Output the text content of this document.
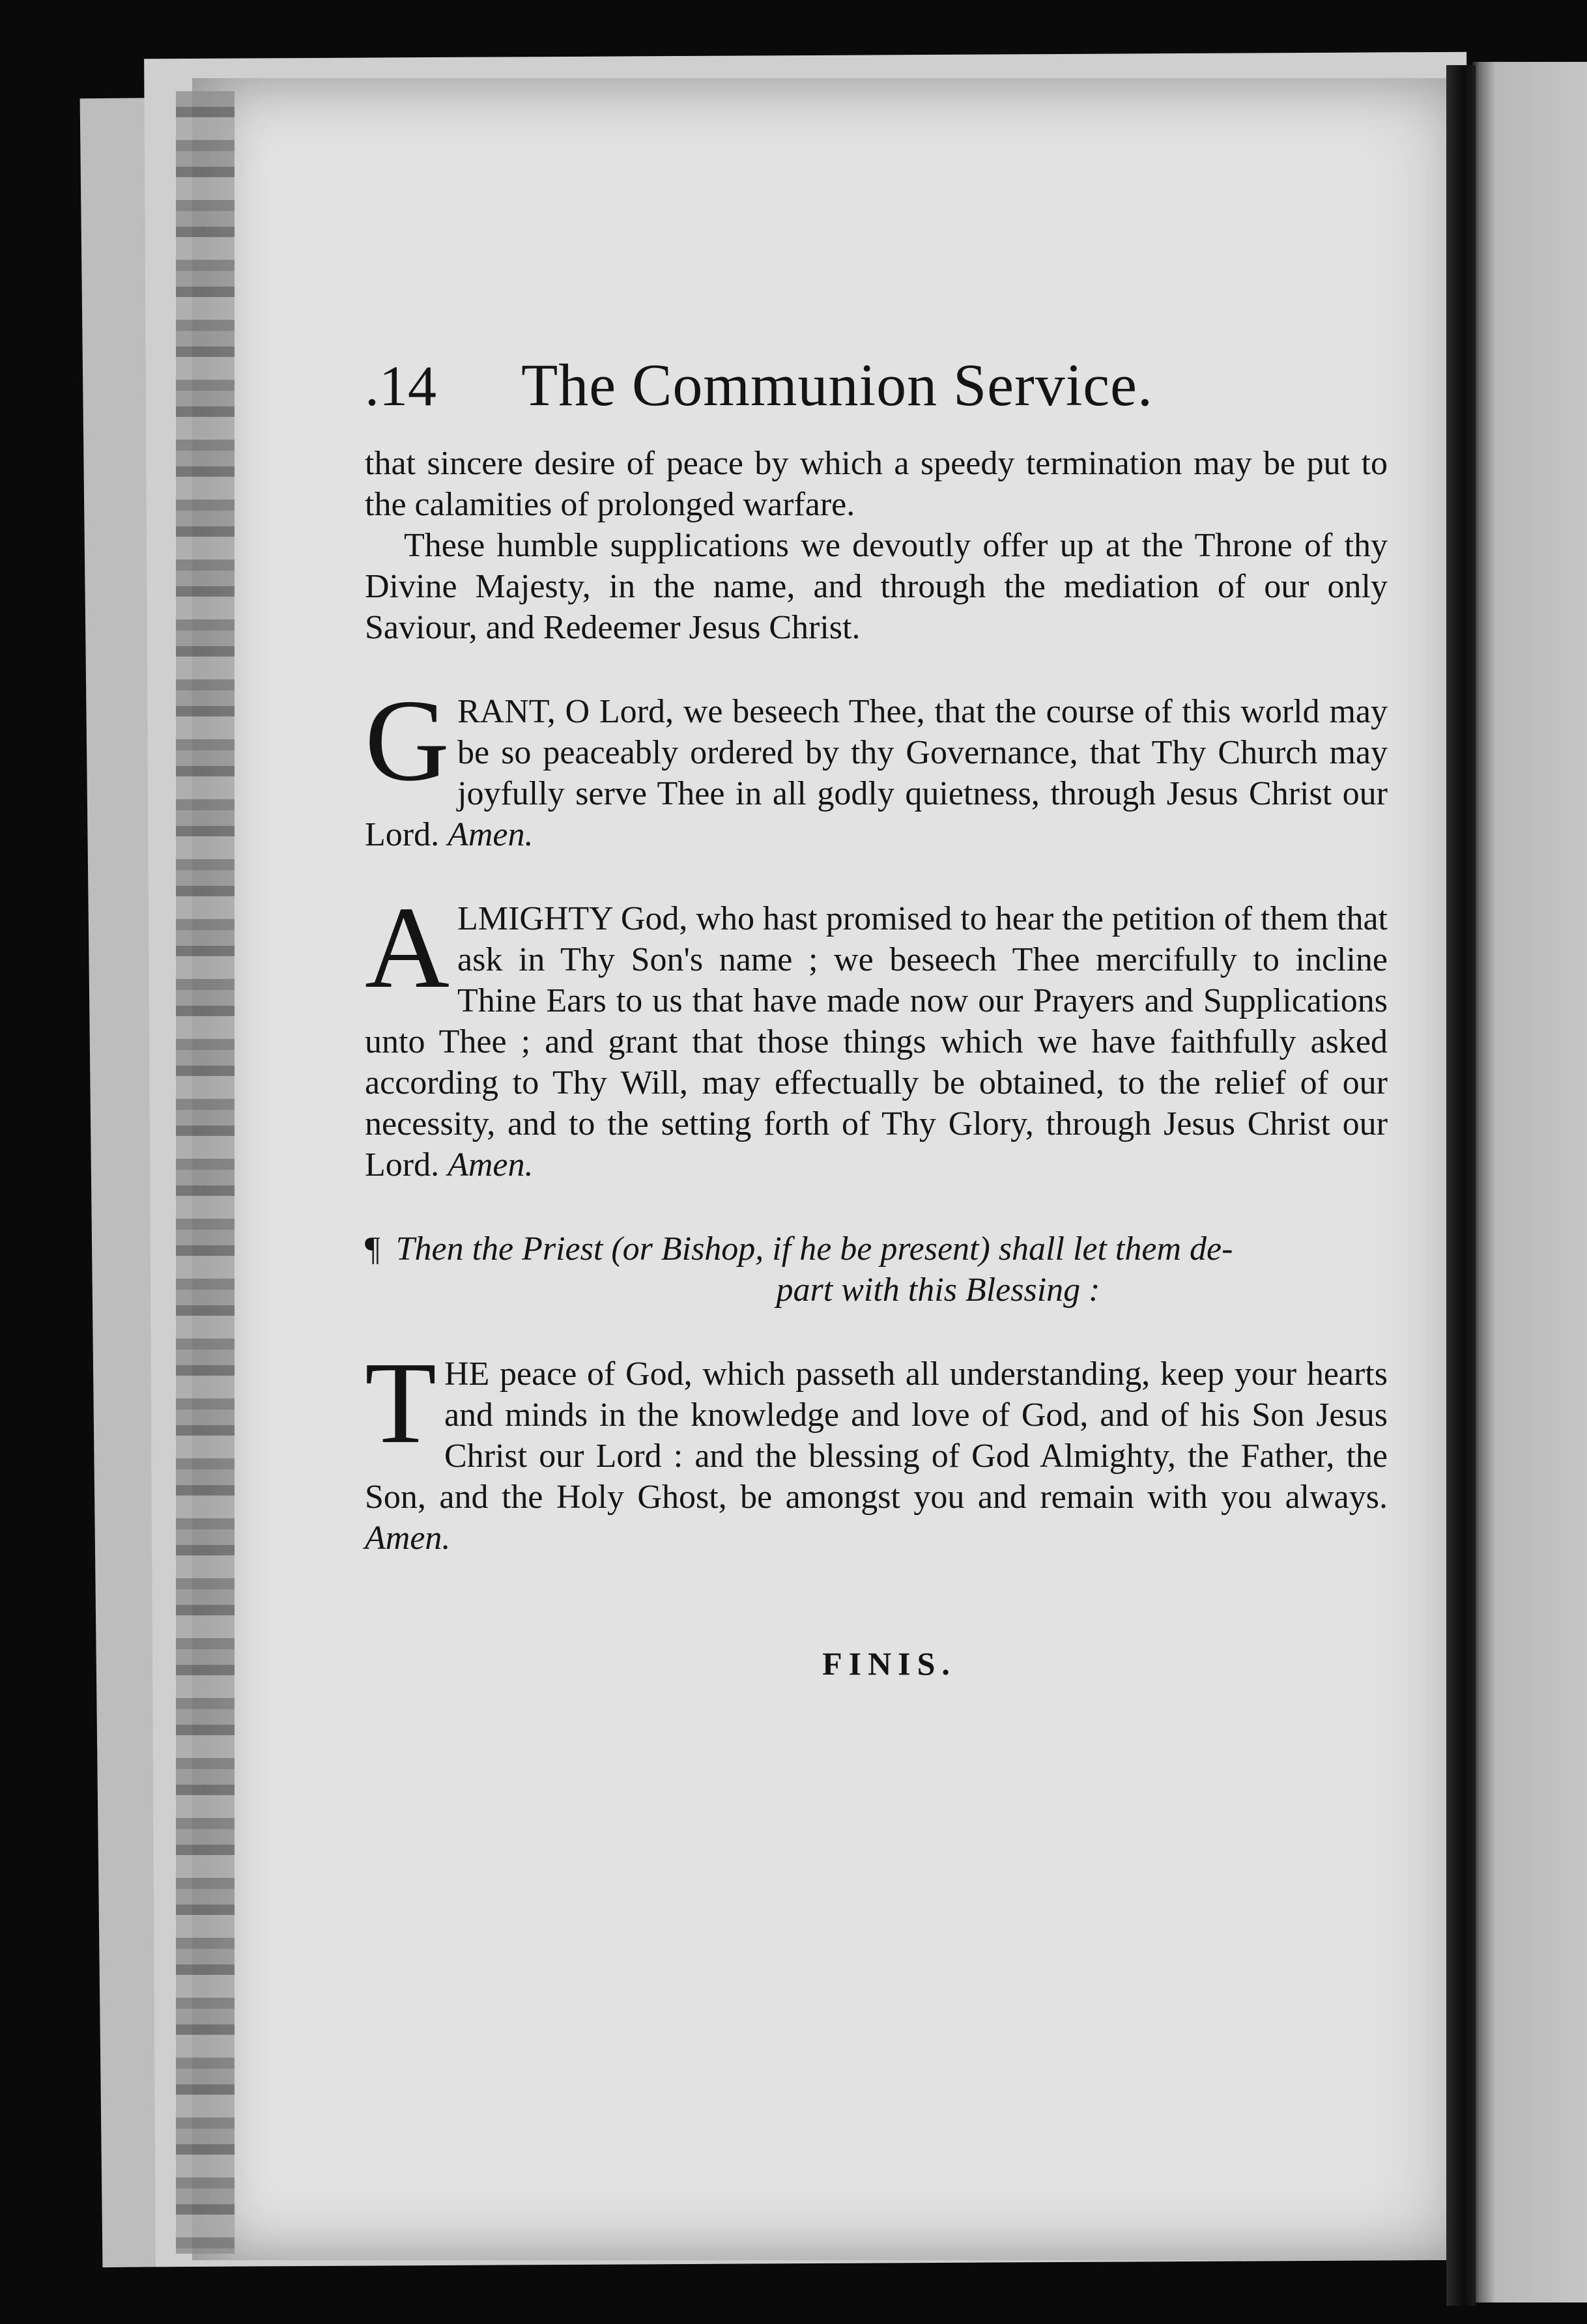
.14	The Communion Service.

that sincere desire of peace by which a speedy termination may be put to the calamities of prolonged warfare.

These humble supplications we devoutly offer up at the Throne of thy Divine Majesty, in the name, and through the mediation of our only Saviour, and Redeemer Jesus Christ.

GRANT, O Lord, we beseech Thee, that the course of this world may be so peaceably ordered by thy Governance, that Thy Church may joyfully serve Thee in all godly quietness, through Jesus Christ our Lord. Amen.

ALMIGHTY God, who hast promised to hear the petition of them that ask in Thy Son's name ; we beseech Thee mercifully to incline Thine Ears to us that have made now our Prayers and Supplications unto Thee ; and grant that those things which we have faithfully asked according to Thy Will, may effectually be obtained, to the relief of our necessity, and to the setting forth of Thy Glory, through Jesus Christ our Lord. Amen.

¶ Then the Priest (or Bishop, if he be present) shall let them de-
part with this Blessing :

THE peace of God, which passeth all understanding, keep your hearts and minds in the knowledge and love of God, and of his Son Jesus Christ our Lord : and the blessing of God Almighty, the Father, the Son, and the Holy Ghost, be amongst you and remain with you always. Amen.

FINIS.
